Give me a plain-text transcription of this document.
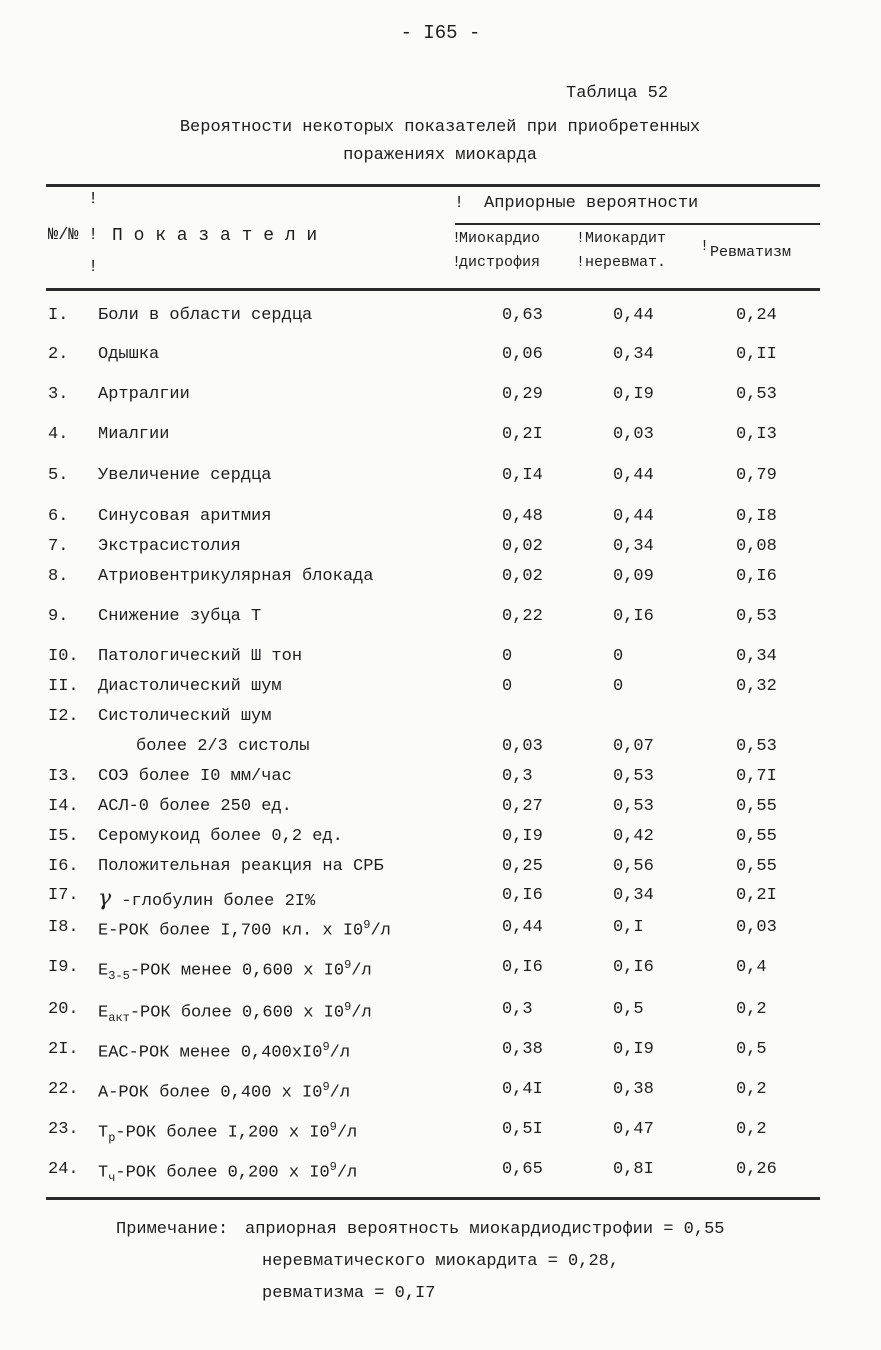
- I65 -
Таблица 52
Вероятности некоторых показателей при приобретенных
поражениях миокарда
!
№/№ !
!
П о к а з а т е л и
! Априорные вероятности
!
Миокардио
!
дистрофия
! Миокардит
! неревмат.
! Ревматизм
I. Боли в области сердца	0,63	0,44	0,24
2. Одышка	0,06	0,34	0,II
3. Артралгии	0,29	0,I9	0,53
4. Миалгии	0,2I	0,03	0,I3
5. Увеличение сердца	0,I4	0,44	0,79
6. Синусовая аритмия	0,48	0,44	0,I8
7. Экстрасистолия	0,02	0,34	0,08
8. Атриовентрикулярная блокада	0,02	0,09	0,I6
9. Снижение зубца Т	0,22	0,I6	0,53
I0. Патологический Ш тон	0	0	0,34
II. Диастолический шум	0	0	0,32
I2. Систолический шум
более 2/3 систолы	0,03	0,07	0,53
I3. СОЭ более I0 мм/час	0,3	0,53	0,7I
I4. АСЛ-0 более 250 ед.	0,27	0,53	0,55
I5. Серомукоид более 0,2 ед.	0,I9	0,42	0,55
I6. Положительная реакция на СРБ	0,25	0,56	0,55
I7. γ -глобулин более 2I%	0,I6	0,34	0,2I
I8. Е-РОК более I,700 кл. х $I0^9/л$	0,44	0,I	0,03
I9. $Е_{3-5}$-РОК менее 0,600 х $I0^9/л$	0,I6	0,I6	0,4
20. $Е_{акт}$-РОК более 0,600 х $I0^9/л$	0,3	0,5	0,2
2I. ЕАС-РОК менее $0,400хI0^9/л$	0,38	0,I9	0,5
22. А-РОК более 0,400 х $I0^9/л$	0,4I	0,38	0,2
23. $Т_р$-РОК более I,200 х $I0^9/л$	0,5I	0,47	0,2
24. $Т_ч$-РОК более 0,200 х $I0^9/л$	0,65	0,8I	0,26
Примечание: априорная вероятность миокардиодистрофии = 0,55
неревматического миокардита = 0,28,
ревматизма = 0,I7
